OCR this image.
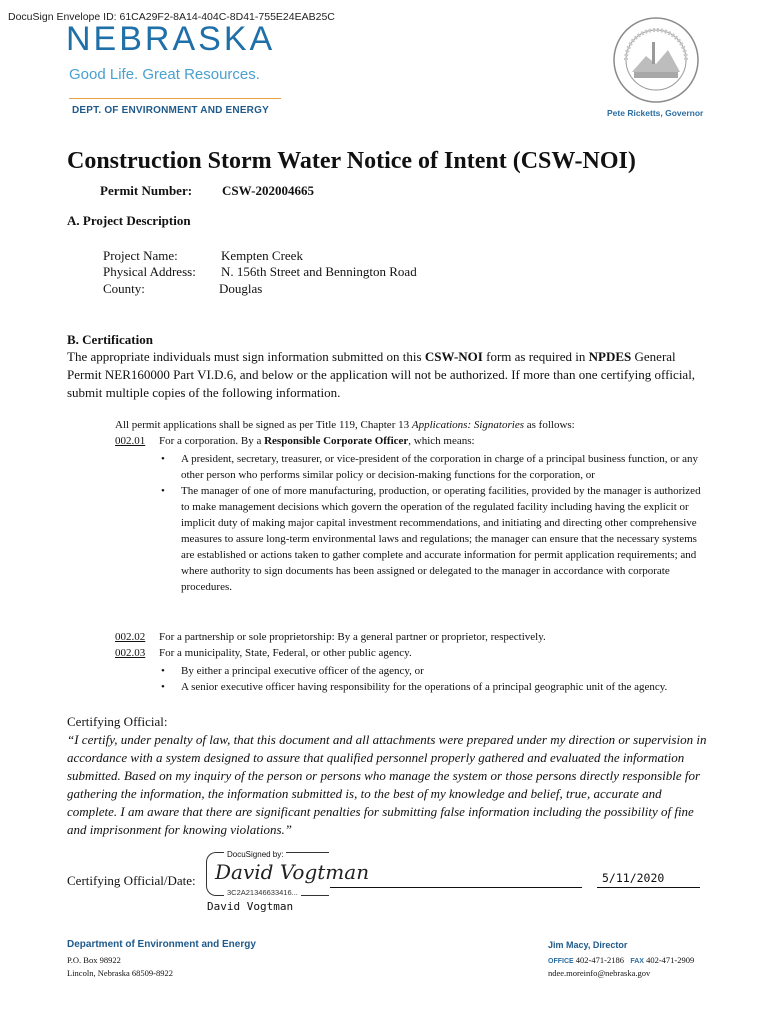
DocuSign Envelope ID: 61CA29F2-8A14-404C-8D41-755E24EAB25C
NEBRASKA
Good Life. Great Resources.
DEPT. OF ENVIRONMENT AND ENERGY	Pete Ricketts, Governor
Construction Storm Water Notice of Intent (CSW-NOI)
Permit Number: CSW-202004665
A. Project Description
Project Name:	Kempten Creek
Physical Address: N. 156th Street and Bennington Road
County:	Douglas
B. Certification

The appropriate individuals must sign information submitted on this CSW-NOI form as required in NPDES General Permit NER160000 Part VI.D.6, and below or the application will not be authorized. If more than one certifying official, submit multiple copies of the following information.

All permit applications shall be signed as per Title 119, Chapter 13 Applications: Signatories as follows:
002.01 For a corporation. By a Responsible Corporate Officer, which means:
• A president, secretary, treasurer, or vice-president of the corporation in charge of a principal business function, or any other person who performs similar policy or decision-making functions for the corporation, or
• The manager of one of more manufacturing, production, or operating facilities, provided by the manager is authorized to make management decisions which govern the operation of the regulated facility including having the explicit or implicit duty of making major capital investment recommendations, and initiating and directing other comprehensive measures to assure long-term environmental laws and regulations; the manager can ensure that the necessary systems are established or actions taken to gather complete and accurate information for permit application requirements; and where authority to sign documents has been assigned or delegated to the manager in accordance with corporate procedures.
002.02 For a partnership or sole proprietorship: By a general partner or proprietor, respectively.
002.03 For a municipality, State, Federal, or other public agency.
• By either a principal executive officer of the agency, or
• A senior executive officer having responsibility for the operations of a principal geographic unit of the agency.
Certifying Official:

“I certify, under penalty of law, that this document and all attachments were prepared under my direction or supervision in accordance with a system designed to assure that qualified personnel properly gathered and evaluated the information submitted. Based on my inquiry of the person or persons who manage the system or those persons directly responsible for gathering the information, the information submitted is, to the best of my knowledge and belief, true, accurate and complete. I am aware that there are significant penalties for submitting false information including the possibility of fine and imprisonment for knowing violations.”

Certifying Official/Date:
DocuSigned by:
David Vogtman
3C2A21346633416...
5/11/2020
David Vogtman
Department of Environment and Energy
P.O. Box 98922
Lincoln, Nebraska 68509-8922
Jim Macy, Director
OFFICE 402-471-2186 FAX 402-471-2909
ndee.moreinfo@nebraska.gov
